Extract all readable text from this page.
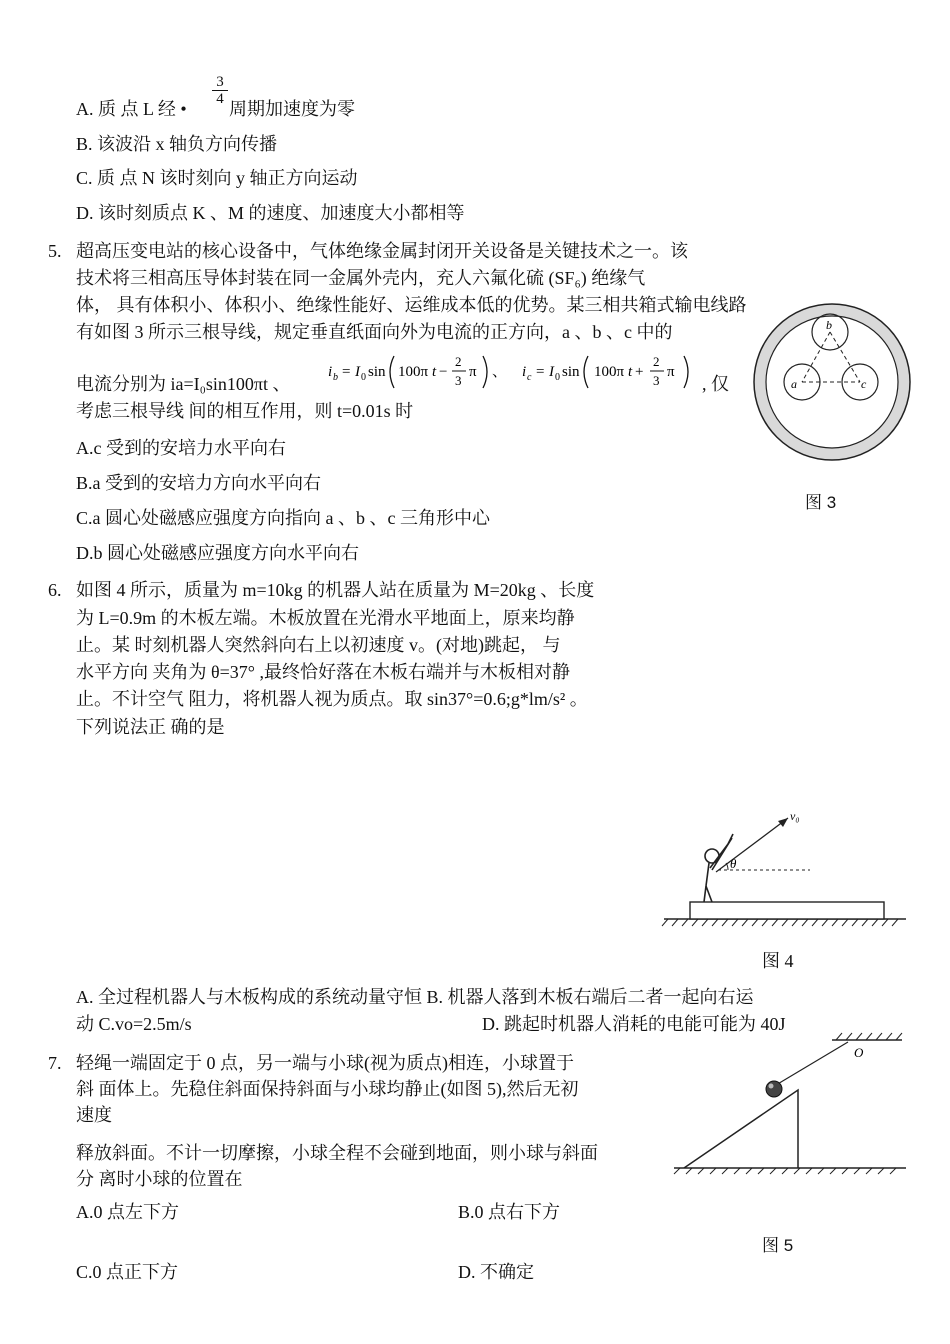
A. 质 点 L 经 •
$\frac{3}{4}$
周期加速度为零
B. 该波沿 x 轴负方向传播
C. 质 点 N 该时刻向 y 轴正方向运动
D. 该时刻质点 K 、M 的速度、加速度大小都相等
5. 超高压变电站的核心设备中，气体绝缘金属封闭开关设备是关键技术之一。该
技术将三相高压导体封装在同一金属外壳内，充人六氟化硫 (SF₆) 绝缘气
体， 具有体积小、体积小、绝缘性能好、运维成本低的优势。某三相共箱式输电线路
有如图 3 所示三根导线，规定垂直纸面向外为电流的正方向，a 、b 、c 中的
电流分别为 ia=I₀sin100πt 、
i b = I 0 sin 100π t −
2
3
π 、 i c = I 0 sin 100π t +
2
3
π
, 仅
考虑三根导线 间的相互作用，则 t=0.01s 时
A.c 受到的安培力水平向右
B.a 受到的安培力方向水平向右
C.a 圆心处磁感应强度方向指向 a 、b 、c 三角形中心
D.b 圆心处磁感应强度方向水平向右
b
a	c
图 3
6. 如图 4 所示，质量为 m=10kg 的机器人站在质量为 M=20kg 、长度
为 L=0.9m 的木板左端。木板放置在光滑水平地面上，原来均静
止。某 时刻机器人突然斜向右上以初速度 v。(对地)跳起， 与
水平方向 夹角为 θ=37° ,最终恰好落在木板右端并与木板相对静
止。不计空气 阻力，将机器人视为质点。取 sin37°=0.6;g*lm/s² 。
下列说法正 确的是
θ
v₀
图 4
A. 全过程机器人与木板构成的系统动量守恒 B. 机器人落到木板右端后二者一起向右运
动 C.vo=2.5m/s	D. 跳起时机器人消耗的电能可能为 40J
7. 轻绳一端固定于 0 点，另一端与小球(视为质点)相连，小球置于
斜 面体上。先稳住斜面保持斜面与小球均静止(如图 5),然后无初
速度
释放斜面。不计一切摩擦，小球全程不会碰到地面，则小球与斜面
分 离时小球的位置在
A.0 点左下方	B.0 点右下方
C.0 点正下方	D. 不确定
O
图 5
